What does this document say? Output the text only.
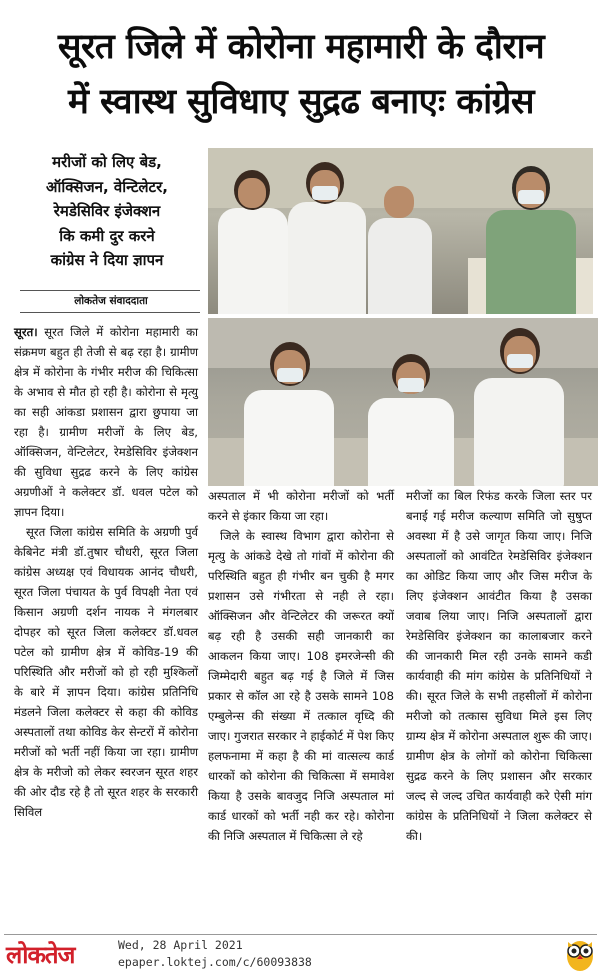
सूरत जिले में कोरोना महामारी के दौरान
में स्वास्थ सुविधाए सुद्रढ बनाएः कांग्रेस
मरीजों को लिए बेड,
ऑक्सिजन, वेन्टिलेटर,
रेमडेसिविर इंजेक्शन
कि कमी दुर करने
कांग्रेस ने दिया ज्ञापन
लोकतेज संवाददाता

सूरत। सूरत जिले में कोरोना महामारी का संक्रमण बहुत ही तेजी से बढ़ रहा है। ग्रामीण क्षेत्र में कोरोना के गंभीर मरीज की चिकित्सा के अभाव से मौत हो रही है। कोरोना से मृत्यु का सही आंकडा प्रशासन द्वारा छुपाया जा रहा है। ग्रामीण मरीजों के लिए बेड, ऑक्सिजन, वेन्टिलेटर, रेमडेसिविर इंजेक्शन की सुविधा सुद्रढ करने के लिए कांग्रेस अग्रणीओं ने कलेक्टर डॉ. धवल पटेल को ज्ञापन दिया।

सूरत जिला कांग्रेस समिति के अग्रणी पुर्व केबिनेट मंत्री डॉ.तुषार चौधरी, सूरत जिला कांग्रेस अध्यक्ष एवं विधायक आनंद चौधरी, सूरत जिला पंचायत के पुर्व विपक्षी नेता एवं किसान अग्रणी दर्शन नायक ने मंगलबार दोपहर को सूरत जिला कलेक्टर डॉ.धवल पटेल को ग्रामीण क्षेत्र में कोविड-19 की परिस्थिति और मरीजों को हो रही मुश्किलों के बारे में ज्ञापन दिया। कांग्रेस प्रतिनिधि मंडलने जिला कलेक्टर से कहा की कोविड अस्पतालों तथा कोविड केर सेन्टरों में कोरोना मरीजों को भर्ती नहीं किया जा रहा। ग्रामीण क्षेत्र के मरीजो को लेकर स्वरजन सूरत शहर की ओर दौड रहे है तो सूरत शहर के सरकारी सिविल

अस्पताल में भी कोरोना मरीजों को भर्ती करने से इंकार किया जा रहा।

जिले के स्वास्थ विभाग द्वारा कोरोना से मृत्यु के आंकडे देखे तो गांवों में कोरोना की परिस्थिति बहुत ही गंभीर बन चुकी है मगर प्रशासन उसे गंभीरता से नही ले रहा। ऑक्सिजन और वेन्टिलेटर की जरूरत क्यों बढ़ रही है उसकी सही जानकारी का आकलन किया जाए। 108 इमरजेन्सी की जिम्मेदारी बहुत बढ़ गई है जिले में जिस प्रकार से कॉल आ रहे है उसके सामने 108 एम्बुलेन्स की संख्या में तत्काल वृध्दि की जाए। गुजरात सरकार ने हाईकोर्ट में पेश किए हलफनामा में कहा है की मां वात्सल्य कार्ड धारकों को कोरोना की चिकित्सा में समावेश किया है उसके बावजुद निजि अस्पताल मां कार्ड धारकों को भर्ती नही कर रहे। कोरोना की निजि अस्पताल में चिकित्सा ले रहे

मरीजों का बिल रिफंड करके जिला स्तर पर बनाई गई मरीज कल्याण समिति जो सुषुप्त अवस्था में है उसे जागृत किया जाए। निजि अस्पतालों को आवंटित रेमडेसिविर इंजेक्शन का ओडिट किया जाए और जिस मरीज के लिए इंजेक्शन आवंटीत किया है उसका जवाब लिया जाए। निजि अस्पतालों द्वारा रेमडेसिविर इंजेक्शन का कालाबजार करने की जानकारी मिल रही उनके सामने कडी कार्यवाही की मांग कांग्रेस के प्रतिनिधियों ने की। सूरत जिले के सभी तहसीलों में कोरोना मरीजो को तत्कास सुविधा मिले इस लिए ग्राम्य क्षेत्र में कोरोना अस्पताल शुरू की जाए। ग्रामीण क्षेत्र के लोगों को कोरोना चिकित्सा सुद्रढ करने के लिए प्रशासन और सरकार जल्द से जल्द उचित कार्यवाही करे ऐसी मांग कांग्रेस के प्रतिनिधियों ने जिला कलेक्टर से की।

लोकतेज	Wed, 28 April 2021
epaper.loktej.com/c/60093838
